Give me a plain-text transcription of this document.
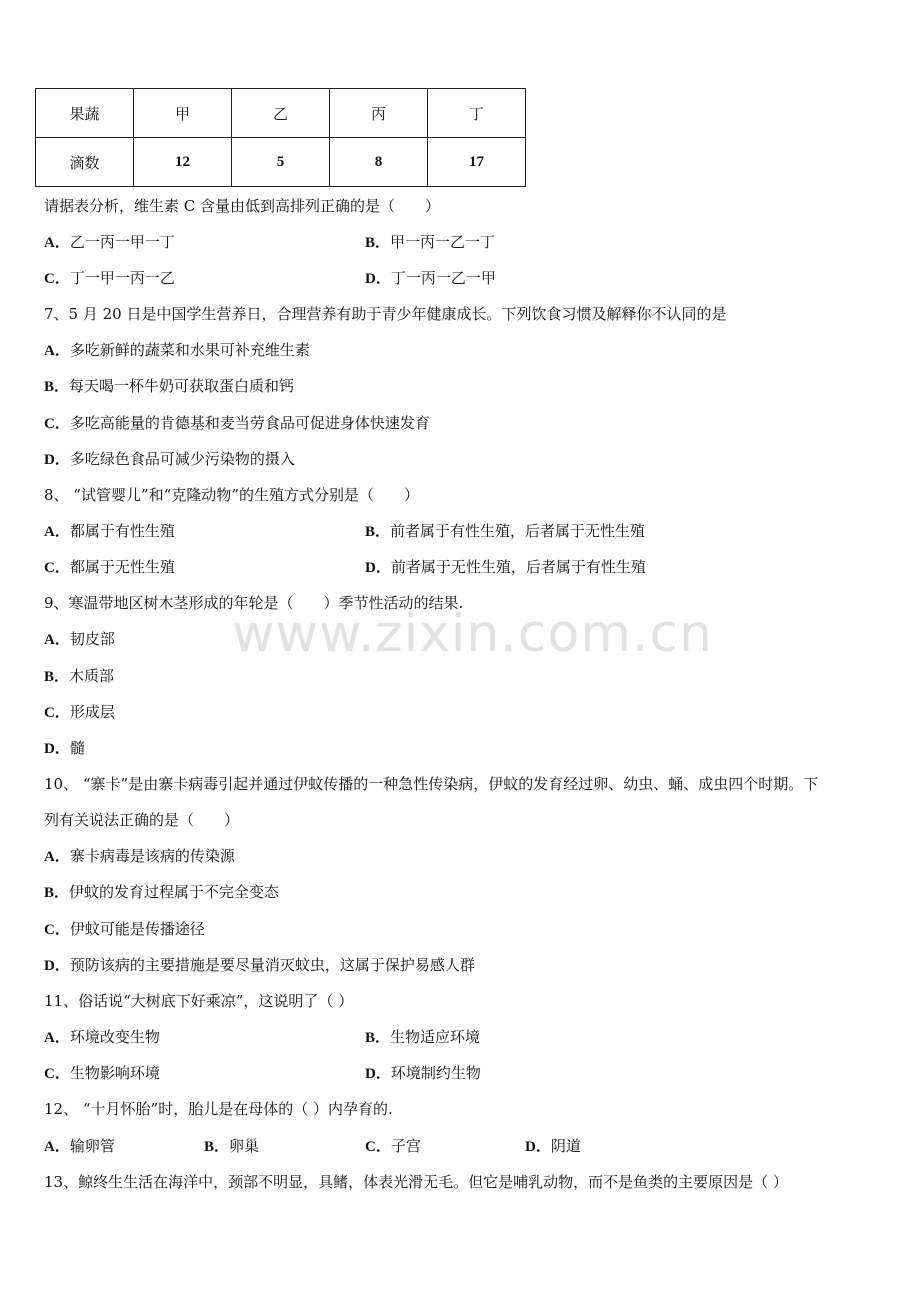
果蔬	甲	乙	丙	丁
滴数	12	5	8	17
请据表分析，维生素 C 含量由低到高排列正确的是（　　）
A．乙一丙一甲一丁	B．甲一丙一乙一丁
C．丁一甲一丙一乙	D．丁一丙一乙一甲
7、5 月 20 日是中国学生营养日，合理营养有助于青少年健康成长。下列饮食习惯及解释你不认同的是
A．多吃新鲜的蔬菜和水果可补充维生素
B．每天喝一杯牛奶可获取蛋白质和钙
C．多吃高能量的肯德基和麦当劳食品可促进身体快速发育
D．多吃绿色食品可减少污染物的摄入
8、 “试管婴儿”和“克隆动物”的生殖方式分别是（　　）
A．都属于有性生殖	B．前者属于有性生殖，后者属于无性生殖
C．都属于无性生殖	D．前者属于无性生殖，后者属于有性生殖
9、寒温带地区树木茎形成的年轮是（　　）季节性活动的结果.
A．韧皮部
B．木质部
C．形成层
D．髓
10、 “寨卡”是由寨卡病毒引起并通过伊蚊传播的一种急性传染病，伊蚊的发育经过卵、幼虫、蛹、成虫四个时期。下
列有关说法正确的是（　　）
A．寨卡病毒是该病的传染源
B．伊蚊的发育过程属于不完全变态
C．伊蚊可能是传播途径
D．预防该病的主要措施是要尽量消灭蚊虫，这属于保护易感人群
11、俗话说“大树底下好乘凉”，这说明了（ ）
A．环境改变生物	B．生物适应环境
C．生物影响环境	D．环境制约生物
12、 “十月怀胎”时，胎儿是在母体的（ ）内孕育的.
A．输卵管	B．卵巢	C．子宫	D．阴道
13、鲸终生生活在海洋中，颈部不明显，具鳍，体表光滑无毛。但它是哺乳动物，而不是鱼类的主要原因是（ ）
www.zixin.com.cn
